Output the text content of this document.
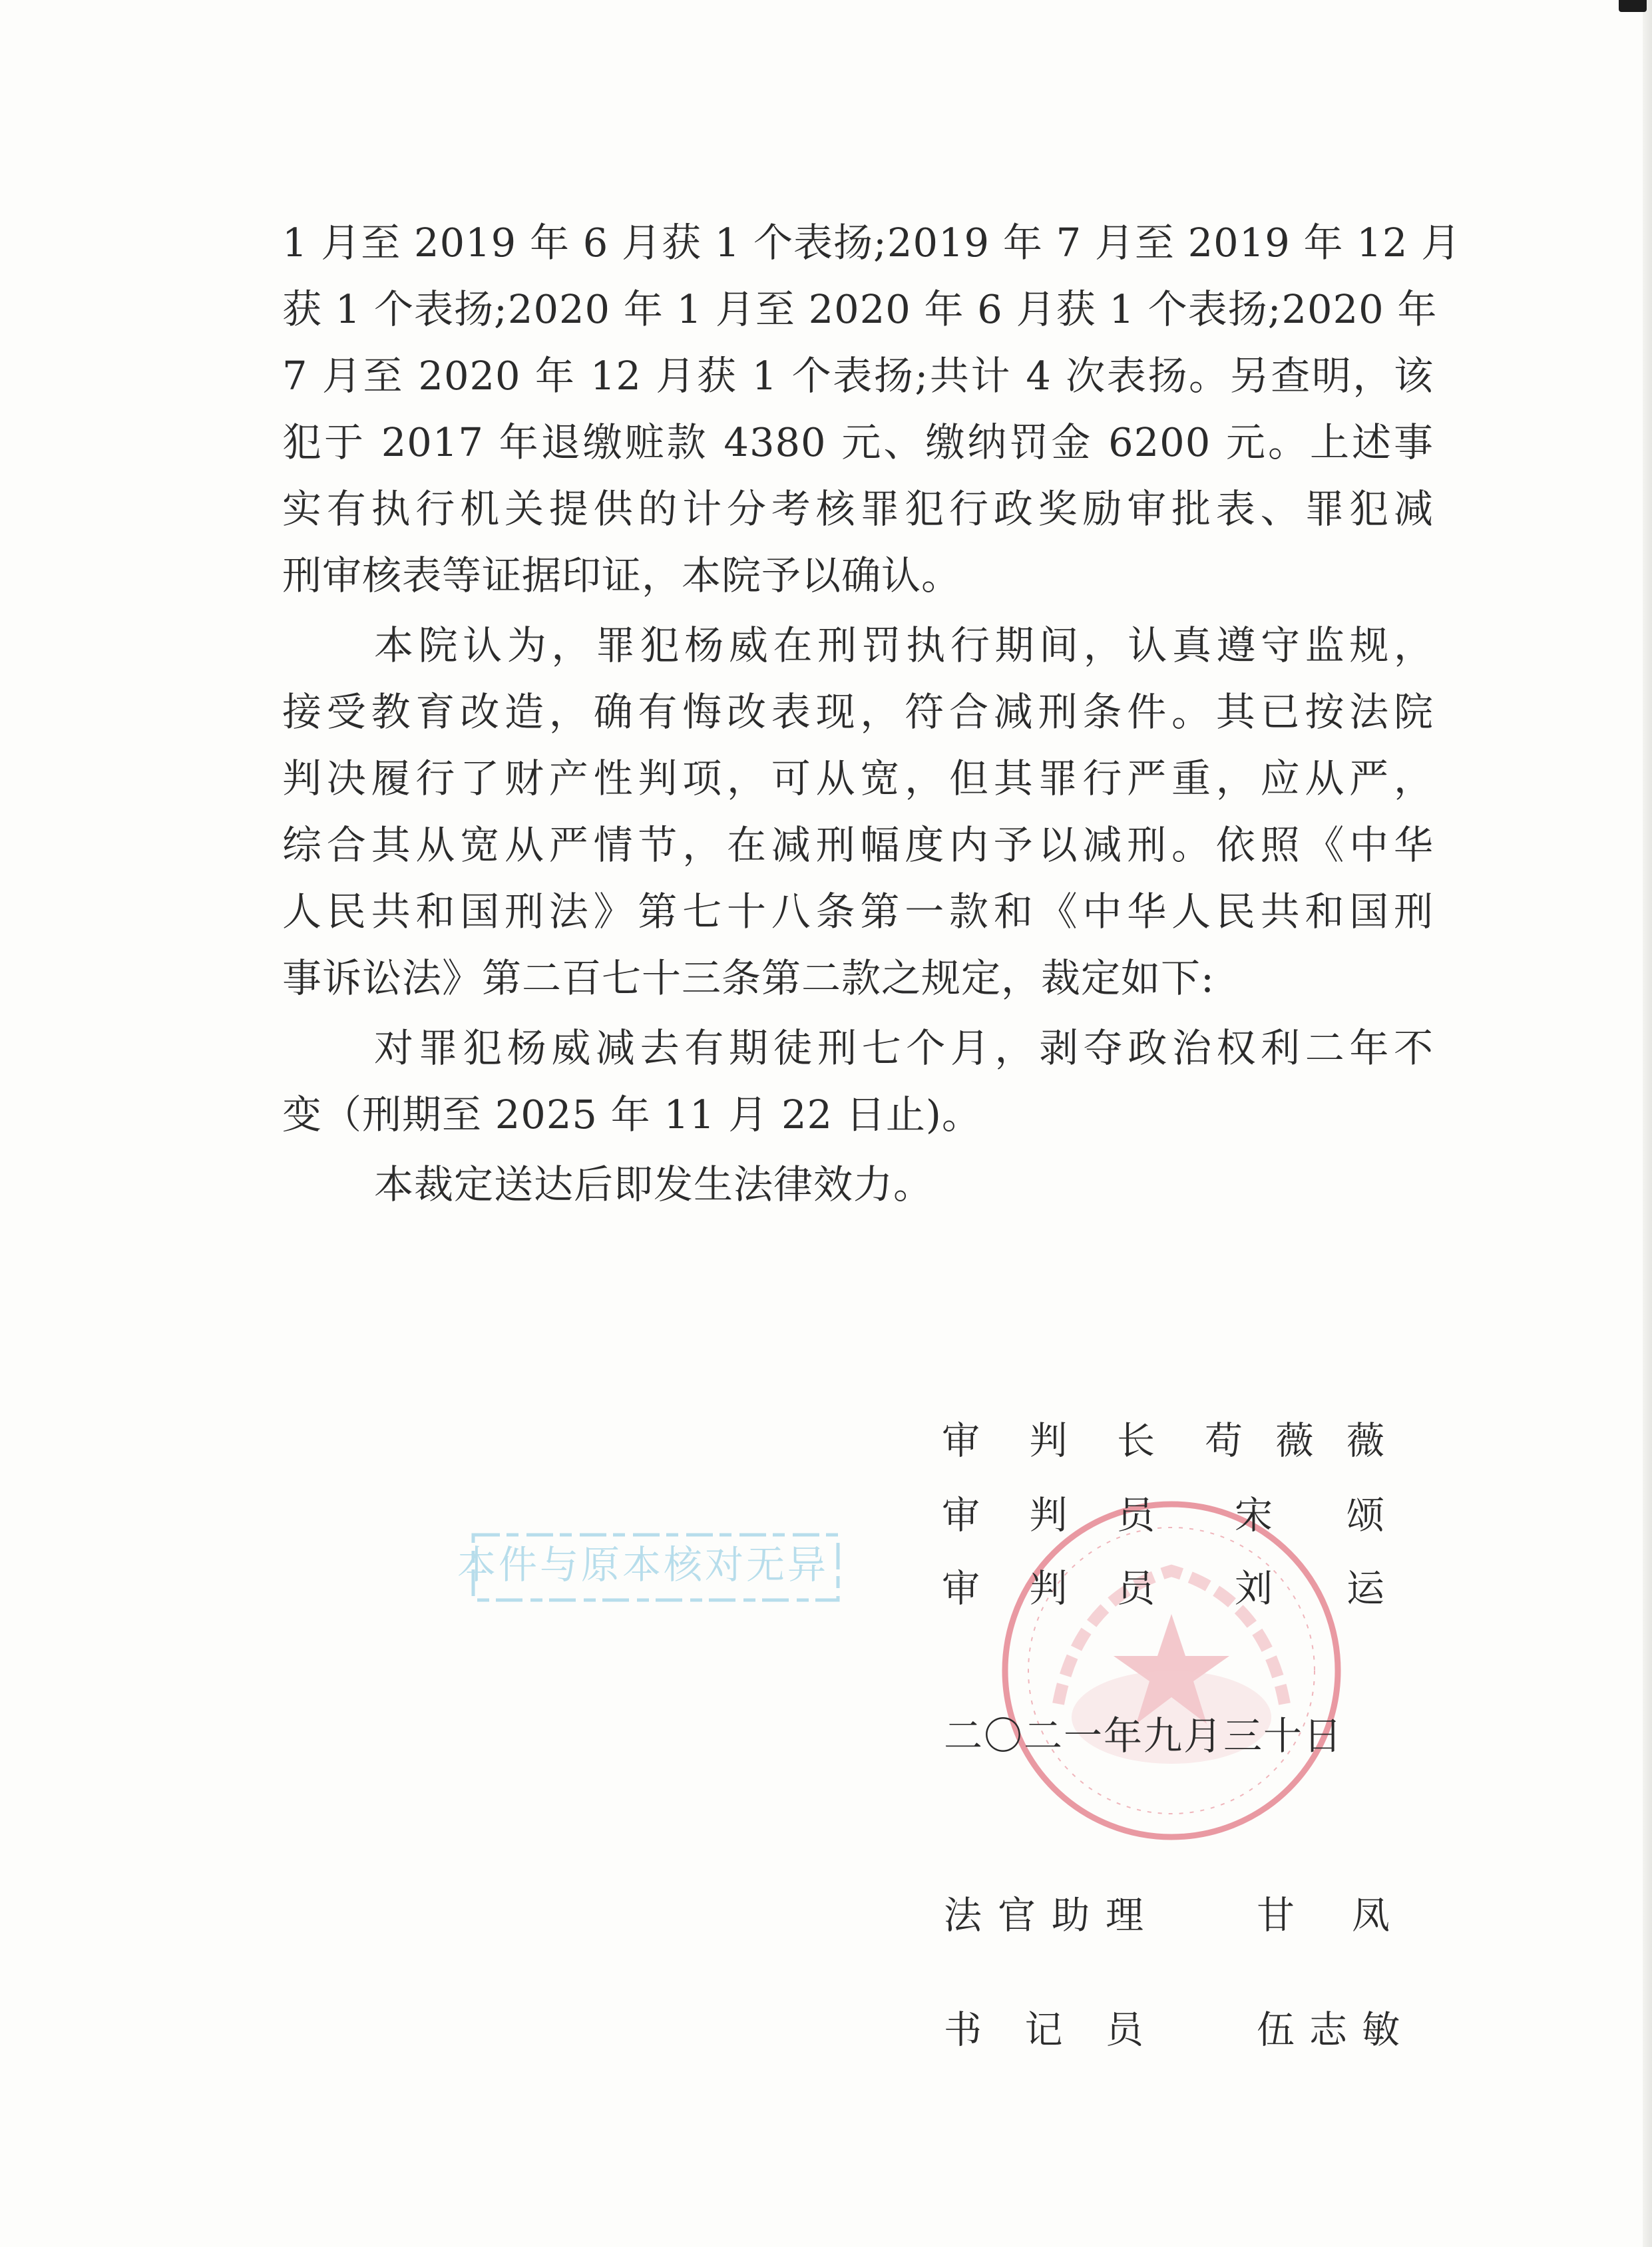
1 月至 2019 年 6 月获 1 个表扬;2019 年 7 月至 2019 年 12 月
获 1 个表扬;2020 年 1 月至 2020 年 6 月获 1 个表扬;2020 年
7 月至 2020 年 12 月获 1 个表扬;共计 4 次表扬。另查明，该
犯于 2017 年退缴赃款 4380 元、缴纳罚金 6200 元。上述事
实有执行机关提供的计分考核罪犯行政奖励审批表、罪犯减
刑审核表等证据印证，本院予以确认。
本院认为，罪犯杨威在刑罚执行期间，认真遵守监规，
接受教育改造，确有悔改表现，符合减刑条件。其已按法院
判决履行了财产性判项，可从宽，但其罪行严重，应从严，
综合其从宽从严情节，在减刑幅度内予以减刑。依照《中华
人民共和国刑法》第七十八条第一款和《中华人民共和国刑
事诉讼法》第二百七十三条第二款之规定，裁定如下:
对罪犯杨威减去有期徒刑七个月，剥夺政治权利二年不
变（刑期至 2025 年 11 月 22 日止)。
本裁定送达后即发生法律效力。
本件与原本核对无异
审判长 苟薇薇
审判员 宋颂
审判员 刘运
二〇二一年九月三十日
法官助理	甘凤
书记员	伍志敏
